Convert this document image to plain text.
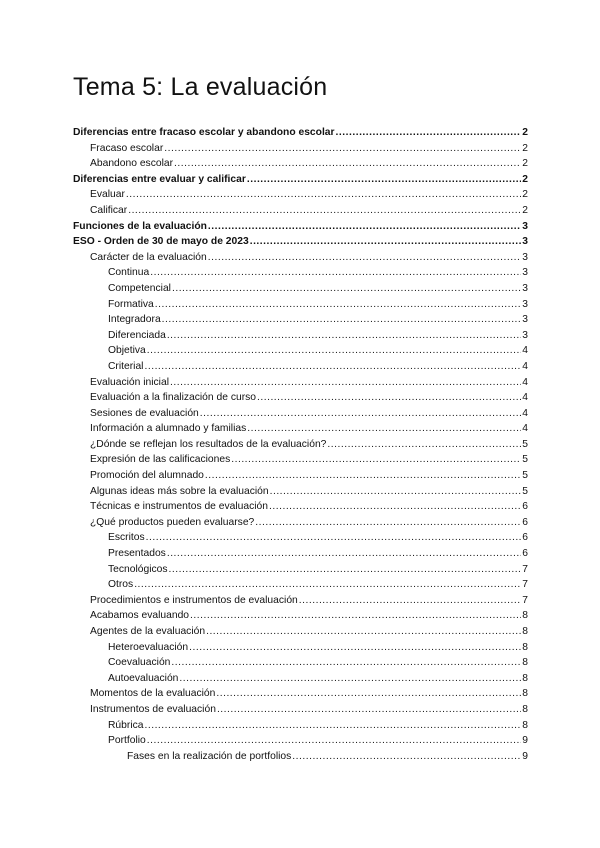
Tema 5: La evaluación
Diferencias entre fracaso escolar y abandono escolar .....	2
Fracaso escolar .....	2
Abandono escolar .....	2
Diferencias entre evaluar y calificar .....	2
Evaluar .....	2
Calificar .....	2
Funciones de la evaluación .....	3
ESO - Orden de 30 de mayo de 2023 .....	3
Carácter de la evaluación .....	3
Continua .....	3
Competencial .....	3
Formativa .....	3
Integradora .....	3
Diferenciada .....	3
Objetiva .....	4
Criterial .....	4
Evaluación inicial .....	4
Evaluación a la finalización de curso .....	4
Sesiones de evaluación .....	4
Información a alumnado y familias .....	4
¿Dónde se reflejan los resultados de la evaluación? .....	5
Expresión de las calificaciones .....	5
Promoción del alumnado .....	5
Algunas ideas más sobre la evaluación .....	5
Técnicas e instrumentos de evaluación .....	6
¿Qué productos pueden evaluarse? .....	6
Escritos .....	6
Presentados .....	6
Tecnológicos .....	7
Otros .....	7
Procedimientos e instrumentos de evaluación .....	7
Acabamos evaluando .....	8
Agentes de la evaluación .....	8
Heteroevaluación .....	8
Coevaluación .....	8
Autoevaluación .....	8
Momentos de la evaluación .....	8
Instrumentos de evaluación .....	8
Rúbrica .....	8
Portfolio .....	9
Fases en la realización de portfolios .....	9
